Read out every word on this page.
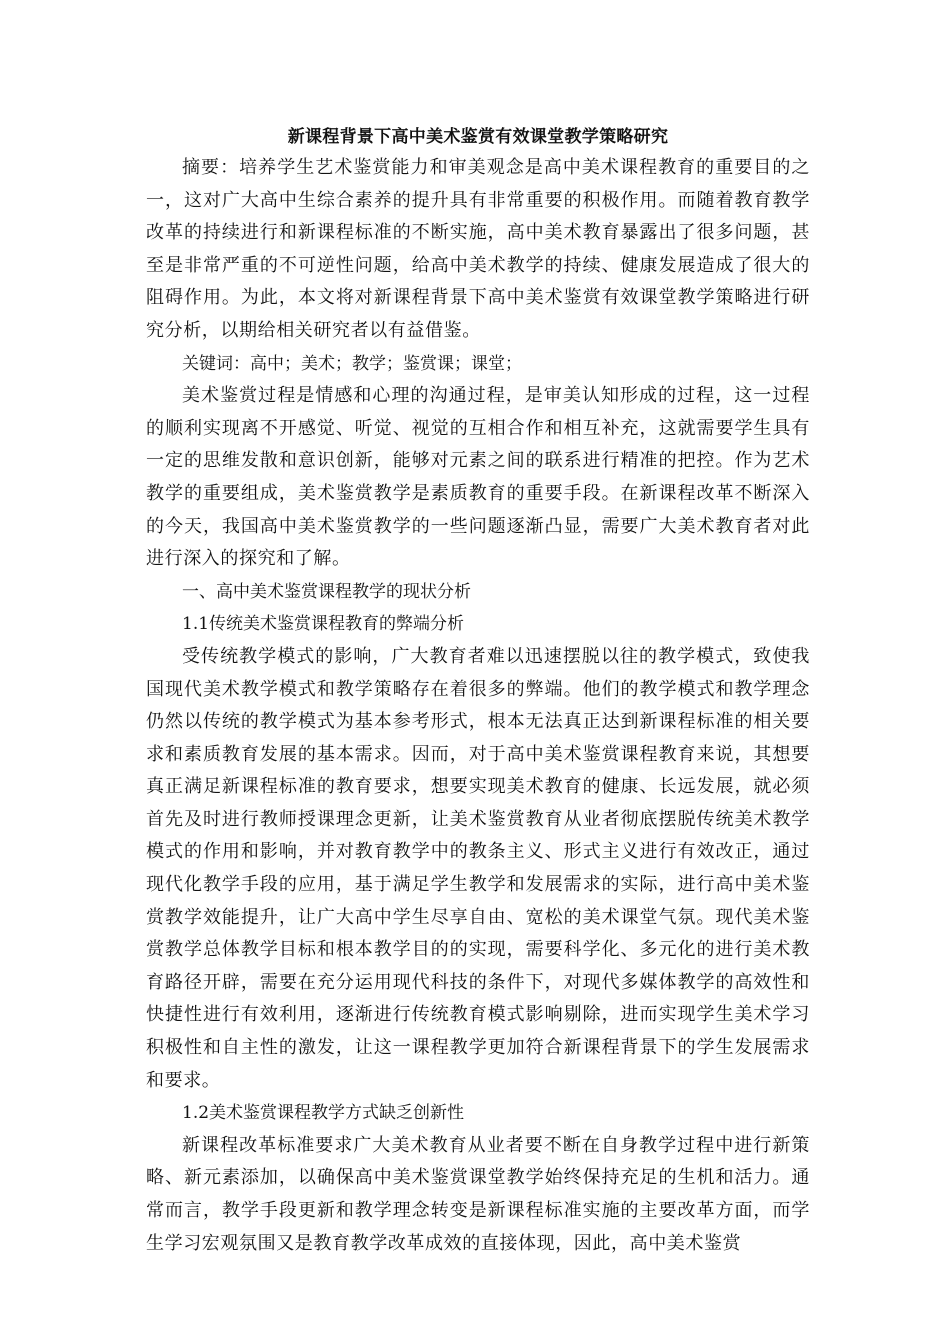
新课程背景下高中美术鉴赏有效课堂教学策略研究

摘要：培养学生艺术鉴赏能力和审美观念是高中美术课程教育的重要目的之一，这对广大高中生综合素养的提升具有非常重要的积极作用。而随着教育教学改革的持续进行和新课程标准的不断实施，高中美术教育暴露出了很多问题，甚至是非常严重的不可逆性问题，给高中美术教学的持续、健康发展造成了很大的阻碍作用。为此，本文将对新课程背景下高中美术鉴赏有效课堂教学策略进行研究分析，以期给相关研究者以有益借鉴。

关键词：高中；美术；教学；鉴赏课；课堂；

美术鉴赏过程是情感和心理的沟通过程，是审美认知形成的过程，这一过程的顺利实现离不开感觉、听觉、视觉的互相合作和相互补充，这就需要学生具有一定的思维发散和意识创新，能够对元素之间的联系进行精准的把控。作为艺术教学的重要组成，美术鉴赏教学是素质教育的重要手段。在新课程改革不断深入的今天，我国高中美术鉴赏教学的一些问题逐渐凸显，需要广大美术教育者对此进行深入的探究和了解。

一、高中美术鉴赏课程教学的现状分析

1.1传统美术鉴赏课程教育的弊端分析

受传统教学模式的影响，广大教育者难以迅速摆脱以往的教学模式，致使我国现代美术教学模式和教学策略存在着很多的弊端。他们的教学模式和教学理念仍然以传统的教学模式为基本参考形式，根本无法真正达到新课程标准的相关要求和素质教育发展的基本需求。因而，对于高中美术鉴赏课程教育来说，其想要真正满足新课程标准的教育要求，想要实现美术教育的健康、长远发展，就必须首先及时进行教师授课理念更新，让美术鉴赏教育从业者彻底摆脱传统美术教学模式的作用和影响，并对教育教学中的教条主义、形式主义进行有效改正，通过现代化教学手段的应用，基于满足学生教学和发展需求的实际，进行高中美术鉴赏教学效能提升，让广大高中学生尽享自由、宽松的美术课堂气氛。现代美术鉴赏教学总体教学目标和根本教学目的的实现，需要科学化、多元化的进行美术教育路径开辟，需要在充分运用现代科技的条件下，对现代多媒体教学的高效性和快捷性进行有效利用，逐渐进行传统教育模式影响剔除，进而实现学生美术学习积极性和自主性的激发，让这一课程教学更加符合新课程背景下的学生发展需求和要求。

1.2美术鉴赏课程教学方式缺乏创新性

新课程改革标准要求广大美术教育从业者要不断在自身教学过程中进行新策略、新元素添加，以确保高中美术鉴赏课堂教学始终保持充足的生机和活力。通常而言，教学手段更新和教学理念转变是新课程标准实施的主要改革方面，而学生学习宏观氛围又是教育教学改革成效的直接体现，因此，高中美术鉴赏
